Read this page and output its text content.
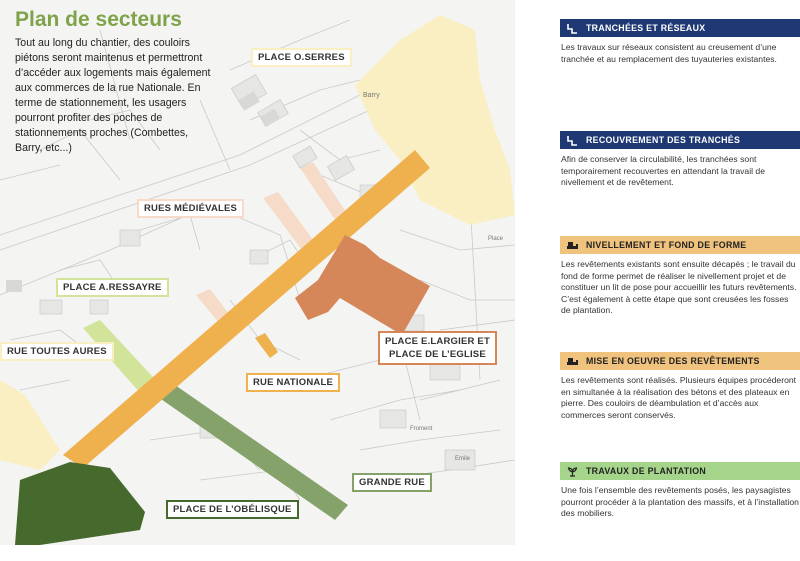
Barry
Place
Emile
Froment
Plan de secteurs
Tout au long du chantier, des couloirs piétons seront maintenus et permettront d’accéder aux logements mais également aux commerces de la rue Nationale. En terme de stationnement, les usagers pourront profiter des poches de stationnements proches (Combettes, Barry, etc...)
PLACE O.SERRES
RUES MÉDIÉVALES
PLACE A.RESSAYRE
RUE TOUTES AURES
RUE NATIONALE
PLACE E.LARGIER ET
PLACE DE L’EGLISE
GRANDE RUE
PLACE DE L’OBÉLISQUE
TRANCHÉES ET RÉSEAUX
Les travaux sur réseaux consistent au creusement d’une tranchée et au remplacement des tuyauteries existantes.
RECOUVREMENT DES TRANCHÉS
Afin de conserver la circulabilité, les tranchées sont temporairement recouvertes en attendant la travail de nivellement et de revêtement.
NIVELLEMENT ET FOND DE FORME
Les revêtements existants sont ensuite décapés ; le travail du fond de forme permet de réaliser le nivellement projet et de constituer un lit de pose pour accueillir les futurs revêtements. C’est également à cette étape que sont creusées les fosses de plantation.
MISE EN OEUVRE DES REVÊTEMENTS
Les revêtements sont réalisés. Plusieurs équipes procéderont en simultanée à la réalisation des bétons et des plateaux en pierre. Des couloirs de déambulation et d’accès aux commerces seront conservés.
TRAVAUX DE PLANTATION
Une fois l’ensemble des revêtements posés, les paysagistes pourront procéder à la plantation des massifs, et à l’installation des mobiliers.
